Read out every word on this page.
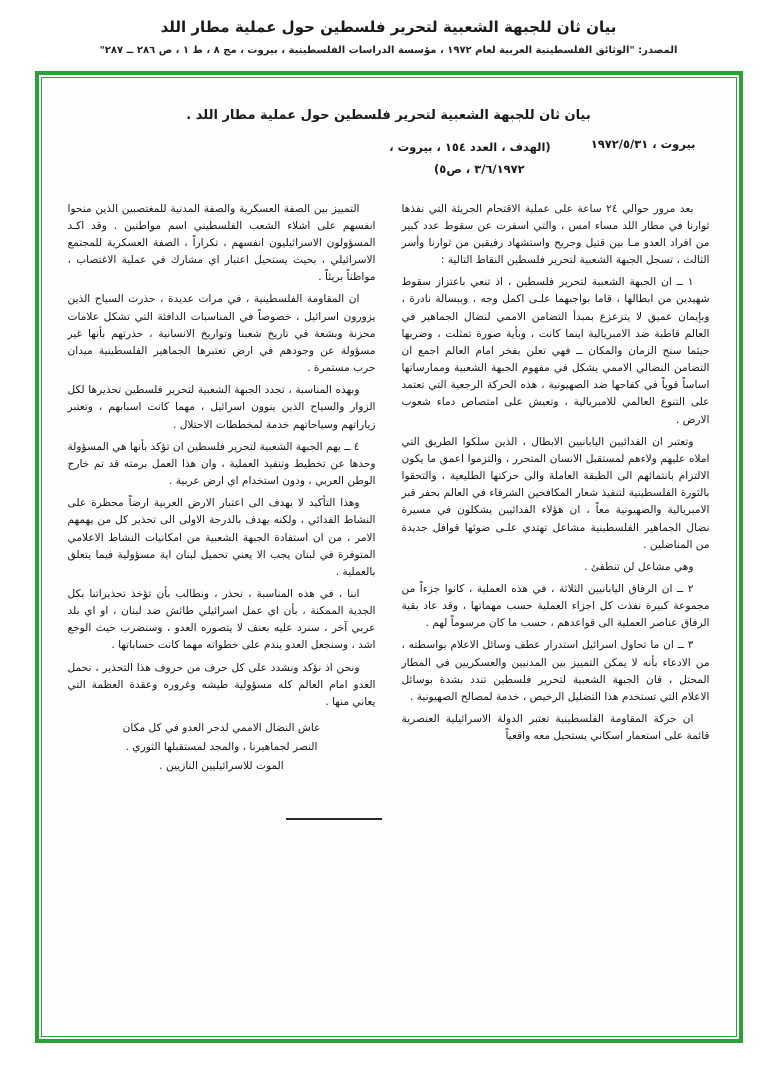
بيان ثان للجبهة الشعبية لتحرير فلسطين حول عملية مطار اللد
المصدر: "الوثائق الفلسطينية العربية لعام ١٩٧٢ ، مؤسسة الدراسات الفلسطينية ، بيروت ، مج ٨ ، ط ١ ، ص ٢٨٦ ــ ٢٨٧"
بيان ثان للجبهة الشعبية لتحرير فلسطين حول عملية مطار اللد .
بيروت ، ١٩٧٢/٥/٣١
(الهدف ، العدد ١٥٤ ، بيروت ،
٣/٦/١٩٧٢ ، ص٥)

بعد مرور حوالي ٢٤ ساعة على عملية الاقتحام الجريئة التي نفذها ثوارنا في مطار اللد مساء امس ، والتي اسفرت عن سقوط عدد كبير من افراد العدو مـا بين قتيل وجريح واستشهاد رفيقين من ثوارنا وأسر الثالث ، تسجل الجبهة الشعبية لتحرير فلسطين النقاط التالية :

١ ــ ان الجبهة الشعبية لتحرير فلسطين ، اذ تنعي باعتزاز سقوط شهيدين من ابطالها ، قاما بواجبهما علـى اكمل وجه ، وببسالة نادرة ، وبإيمان عميق لا يتزعزع بمبدأ التضامن الاممي لنضال الجماهير في العالم قاطبة ضد الامبريالية اينما كانت ، وبأية صورة تمثلت ، وضربها حيثما سنح الزمان والمكان ــ فهي تعلن بفخر امام العالم اجمع ان التضامن النضالي الاممي يشكل في مفهوم الجبهة الشعبية وممارساتها اساساً قوياً في كفاحها ضد الصهيونية ، هذه الحركة الرجعية التي تعتمد على التنوع العالمي للامبريالية ، وتعيش على امتصاص دماء شعوب الارض .

وتعتبر ان الفدائيين اليابانيين الابطال ، الذين سلكوا الطريق التي املاه عليهم ولاءهم لمستقبل الانسان المتحرر ، والتزموا اعمق ما يكون الالتزام بانتمائهم الى الطبقة العاملة والى حركتها الطليعية ، والتحقوا بالثورة الفلسطينية لتنفيذ شعار المكافحين الشرفاء في العالم بحفر قبر الامبريالية والصهيونية معاً ، ان هؤلاء الفدائيين يشكلون في مسيرة نضال الجماهير الفلسطينية مشاعل تهتدي علـى ضوئها قوافل جديدة من المناضلين .

وهي مشاعل لن تنطفئ .

٢ ــ ان الرفاق اليابانيين الثلاثة ، في هذه العملية ، كانوا جزءاً من مجموعة كبيرة نفذت كل اجزاء العملية حسب مهماتها ، وقد عاد بقية الرفاق عناصر العملية الى قواعدهم ، حسب ما كان مرسوماً لهم .

٣ ــ ان ما تحاول اسرائيل استدرار عطف وسائل الاعلام بواسطته ، من الادعاء بأنه لا يمكن التمييز بين المدنيين والعسكريين في المطار المحتل ، فان الجبهة الشعبية لتحرير فلسطين تندد بشدة بوسائل الاعلام التي تستخدم هذا التضليل الرخيص ، خدمة لمصالح الصهيونية .

ان حركة المقاومة الفلسطينية تعتبر الدولة الاسرائيلية العنصرية قائمة على استعمار اسكاني يستحيل معه واقعياً

التمييز بين الصفة العسكرية والصفة المدنية للمغتصبين الذين منحوا انفسهم على اشلاء الشعب الفلسطيني اسم مواطنين . وقد اكـد المسؤولون الاسرائيليون انفسهم ، تكراراً ، الصفة العسكرية للمجتمع الاسرائيلي ، بحيث يستحيل اعتبار اي مشارك في عملية الاغتصاب ، مواطناً بريئاً .

ان المقاومة الفلسطينية ، في مرات عديدة ، حذرت السياح الذين يزورون اسرائيل ، خصوصاً في المناسبات الدافئة التي تشكل علامات محزنة وبشعة في تاريخ شعبنا وتواريخ الانسانية ، حذرتهم بأنها غير مسؤولة عن وجودهم في ارض تعتبرها الجماهير الفلسطينية ميدان حرب مستمرة .

وبهذه المناسبة ، تجدد الجبهة الشعبية لتحرير فلسطين تحذيرها لكل الزوار والسياح الذين ينوون اسرائيل ، مهما كانت اسبابهم ، وتعتبر زياراتهم وسياحاتهم خدمة لمخططات الاحتلال .

٤ ــ يهم الجبهة الشعبية لتحرير فلسطين ان تؤكد بأنها هي المسؤولة وحدها عن تخطيط وتنفيذ العملية ، وان هذا العمل برمته قد تم خارج الوطن العربي ، ودون استخدام اي ارض عربية .

وهذا التأكيد لا يهدف الى اعتبار الارض العربية ارضاً محظرة على النشاط الفدائي ، ولكنه يهدف بالدرجة الاولى الى تحذير كل من يهمهم الامر ، من ان استفادة الجبهة الشعبية من امكانيات النشاط الاعلامي المتوفرة في لبنان يجب الا يعني تحميل لبنان اية مسؤولية فيما يتعلق بالعملية .

اننا ، في هذه المناسبة ، نحذر ، ونطالب بأن تؤخذ تحذيراتنا بكل الجدية الممكنة ، بأن اي عمل اسرائيلي طائش ضد لبنان ، او اي بلد عربي آخر ، سنرد عليه بعنف لا يتصوره العدو ، وسنضرب حيث الوجع اشد ، وسنجعل العدو يندم على خطواته مهما كانت حساباتها .

ونحن اذ نؤكد ونشدد على كل حرف من حروف هذا التحذير ، نحمل العدو امام العالم كله مسؤولية طيشه وغروره وعقدة العظمة التي يعاني منها .

عاش النضال الاممي لدحر العدو في كل مكان
النصر لجماهيرنا ، والمجد لمستقبلها الثوري .
الموت للاسرائيليين النازيين .
